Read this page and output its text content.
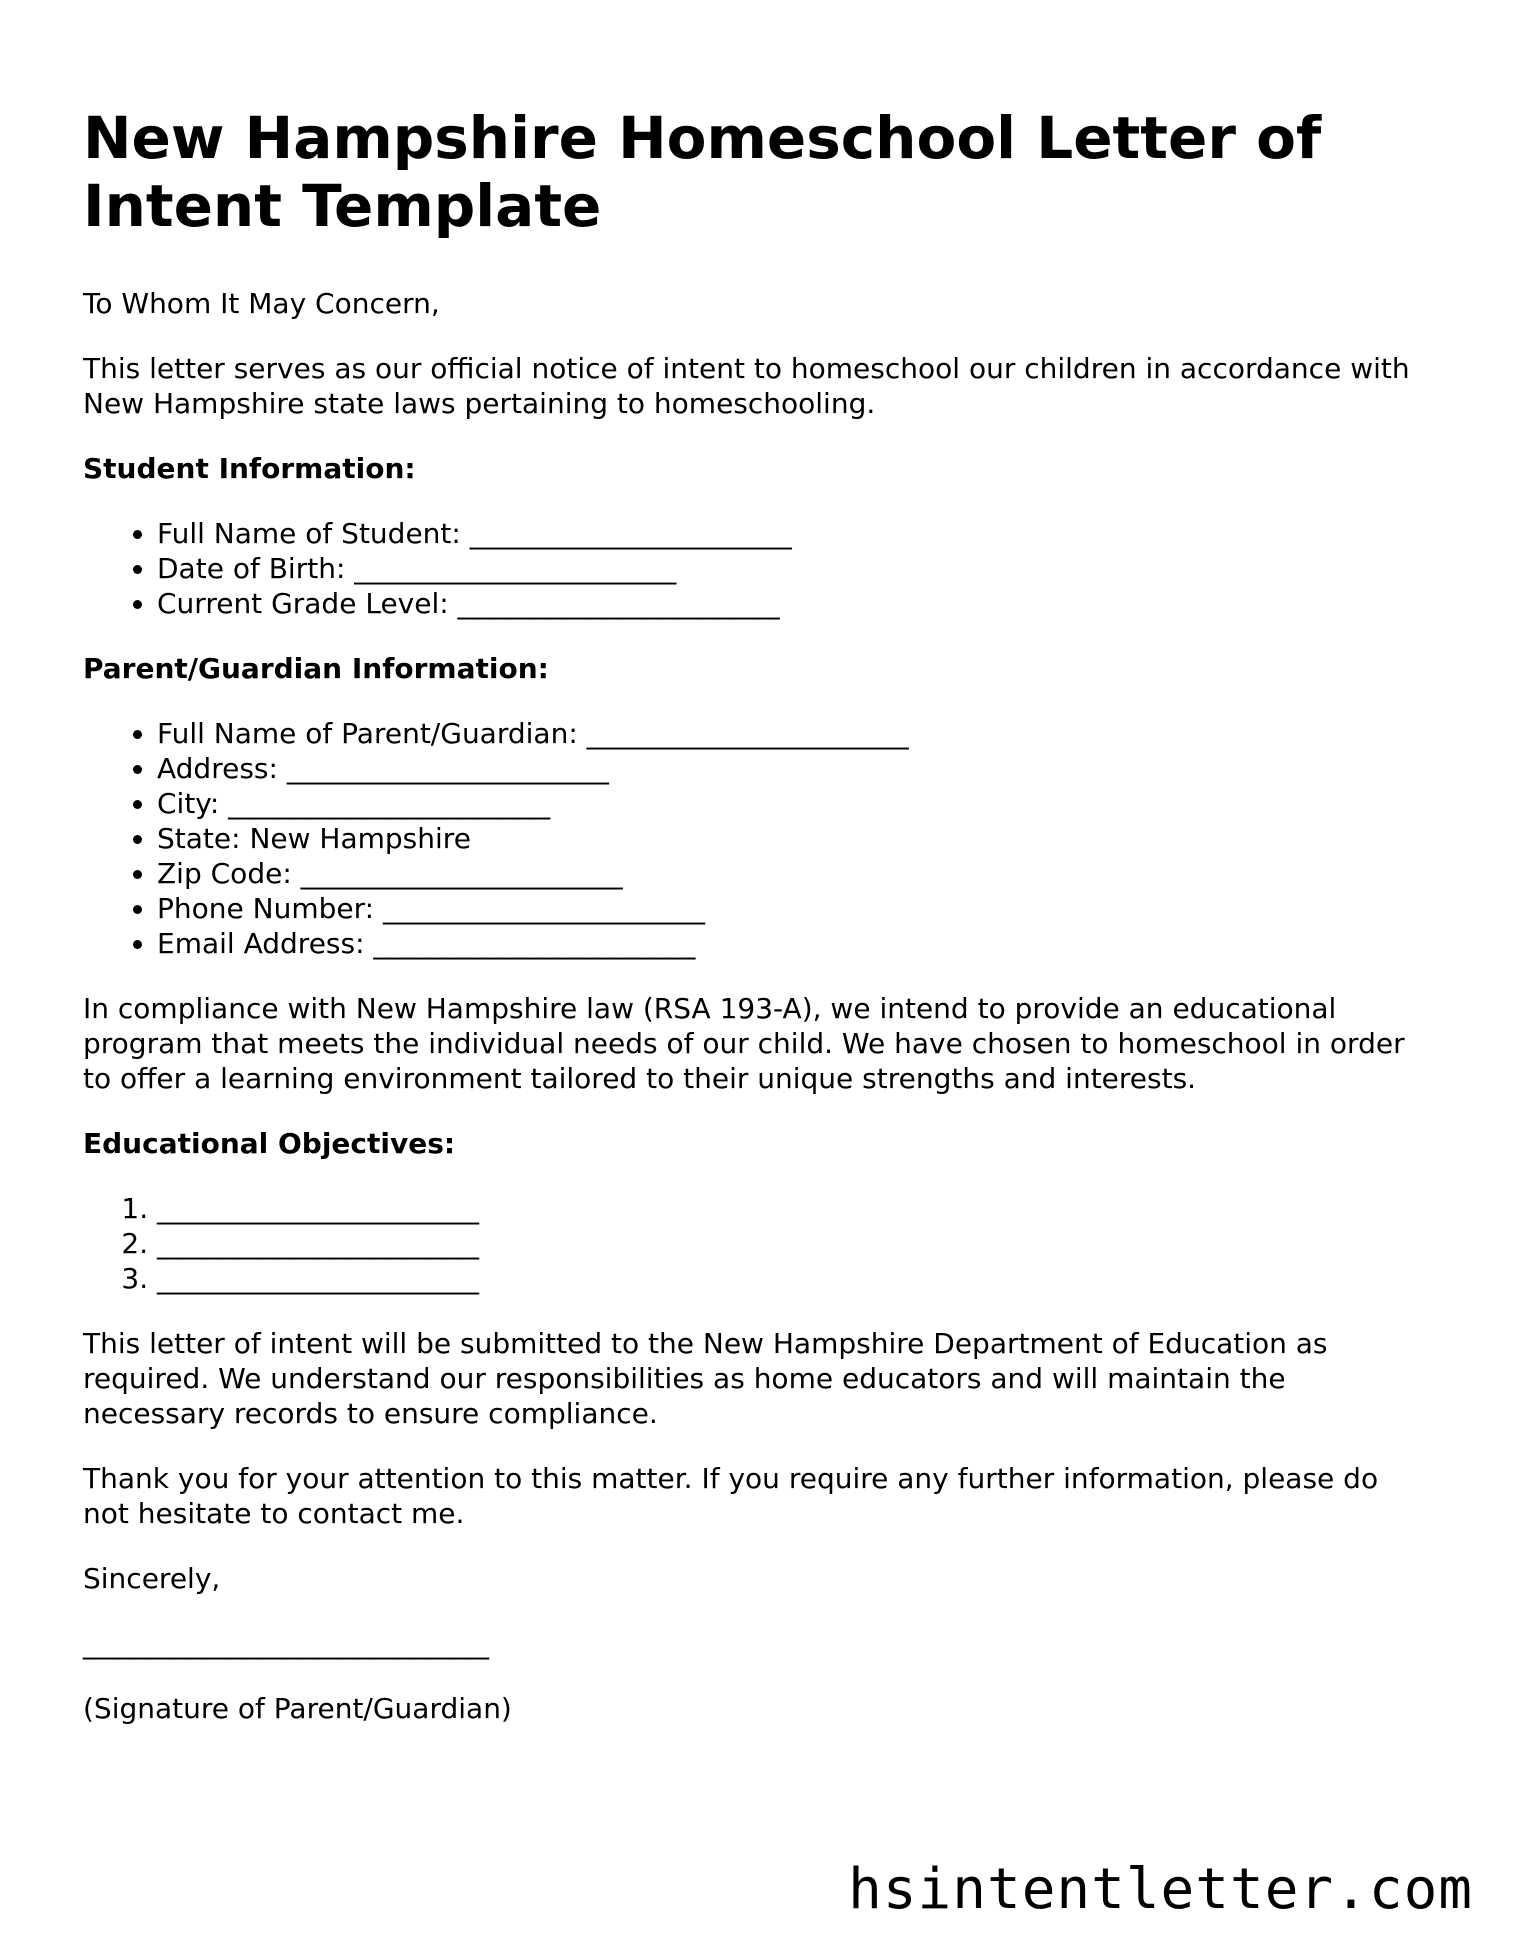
New Hampshire Homeschool Letter of Intent Template

To Whom It May Concern,

This letter serves as our official notice of intent to homeschool our children in accordance with New Hampshire state laws pertaining to homeschooling.

Student Information:

• Full Name of Student: _______________________
• Date of Birth: _______________________
• Current Grade Level: _______________________

Parent/Guardian Information:

• Full Name of Parent/Guardian: _______________________
• Address: _______________________
• City: _______________________
• State: New Hampshire
• Zip Code: _______________________
• Phone Number: _______________________
• Email Address: _______________________

In compliance with New Hampshire law (RSA 193-A), we intend to provide an educational program that meets the individual needs of our child. We have chosen to homeschool in order to offer a learning environment tailored to their unique strengths and interests.

Educational Objectives:

1. _______________________
2. _______________________
3. _______________________

This letter of intent will be submitted to the New Hampshire Department of Education as required. We understand our responsibilities as home educators and will maintain the necessary records to ensure compliance.

Thank you for your attention to this matter. If you require any further information, please do not hesitate to contact me.

Sincerely,

_____________________________

(Signature of Parent/Guardian)

hsintentletter.com
